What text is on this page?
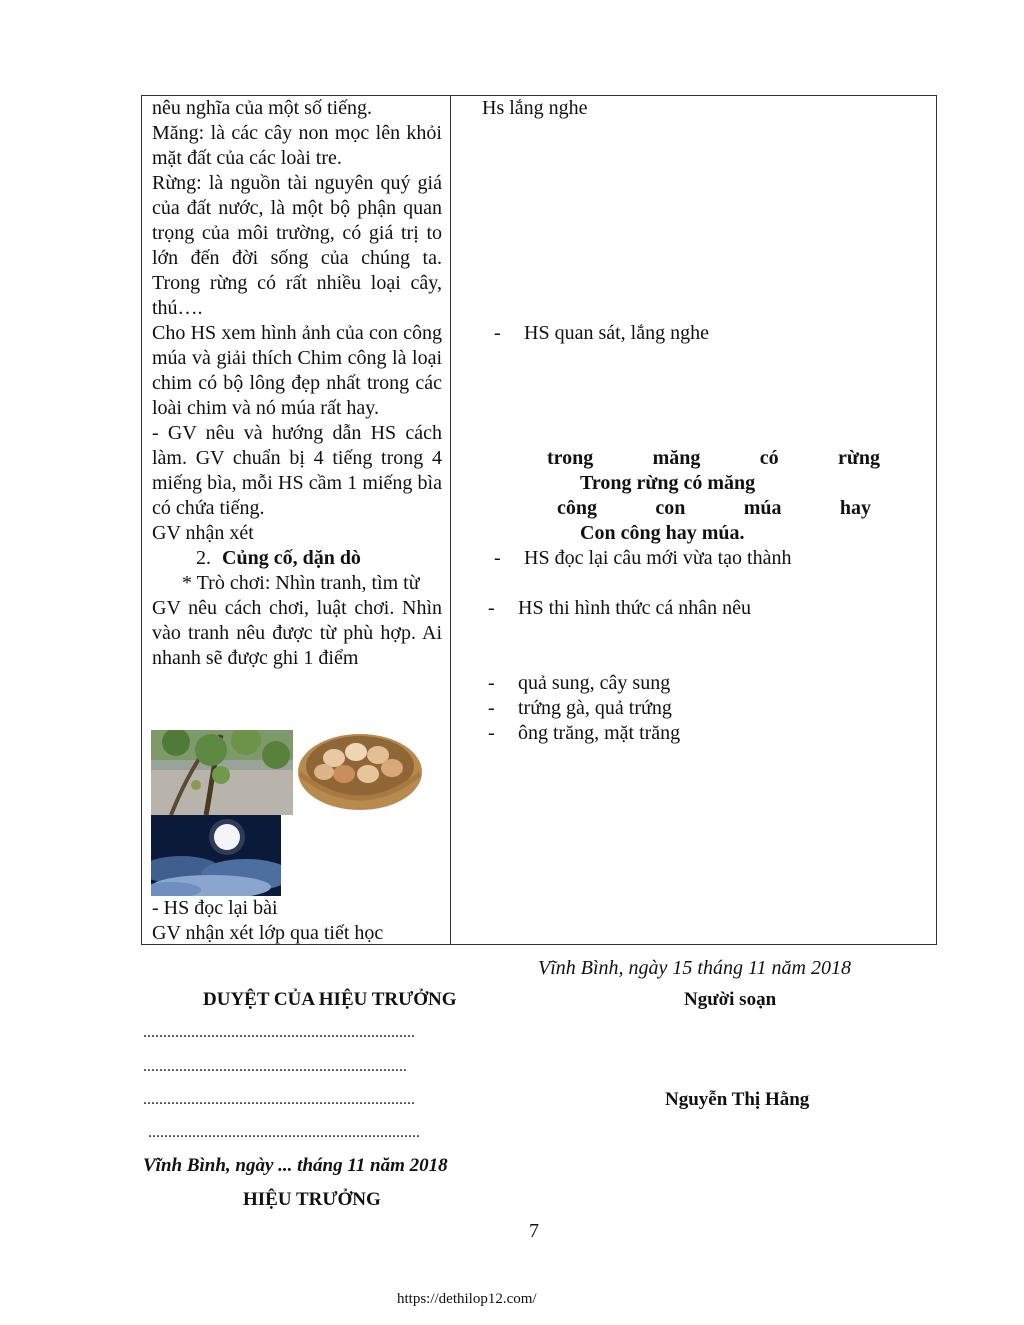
nêu nghĩa của một số tiếng.
Măng: là các cây non mọc lên khỏi mặt đất của các loài tre.
Rừng: là nguồn tài nguyên quý giá của đất nước, là một bộ phận quan trọng của môi trường, có giá trị to lớn đến đời sống của chúng ta. Trong rừng có rất nhiều loại cây, thú….
Cho HS xem hình ảnh của con công múa và giải thích Chim công là loại chim có bộ lông đẹp nhất trong các loài chim và nó múa rất hay.
- GV nêu và hướng dẫn HS cách làm. GV chuẩn bị 4 tiếng trong 4 miếng bìa, mỗi HS cầm 1 miếng bìa có chứa tiếng.
GV nhận xét
2. Củng cố, dặn dò
* Trò chơi: Nhìn tranh, tìm từ
GV nêu cách chơi, luật chơi. Nhìn vào tranh nêu được từ phù hợp. Ai nhanh sẽ được ghi 1 điểm
- HS đọc lại bài
GV nhận xét lớp qua tiết học
Hs lắng nghe
- HS quan sát, lắng nghe
trong	măng	có	rừng
Trong rừng có măng
công	con	múa	hay
Con công hay múa.
- HS đọc lại câu mới vừa tạo thành
- HS thi hình thức cá nhân nêu
- quả sung, cây sung
- trứng gà, quả trứng
- ông trăng, mặt trăng
Vĩnh Bình, ngày 15 tháng 11 năm 2018
DUYỆT CỦA HIỆU TRƯỞNG	Người soạn
....................................................................
..................................................................
....................................................................	Nguyễn Thị Hằng
....................................................................
Vĩnh Bình, ngày ... tháng 11 năm 2018
HIỆU TRƯỞNG
7
https://dethilop12.com/
